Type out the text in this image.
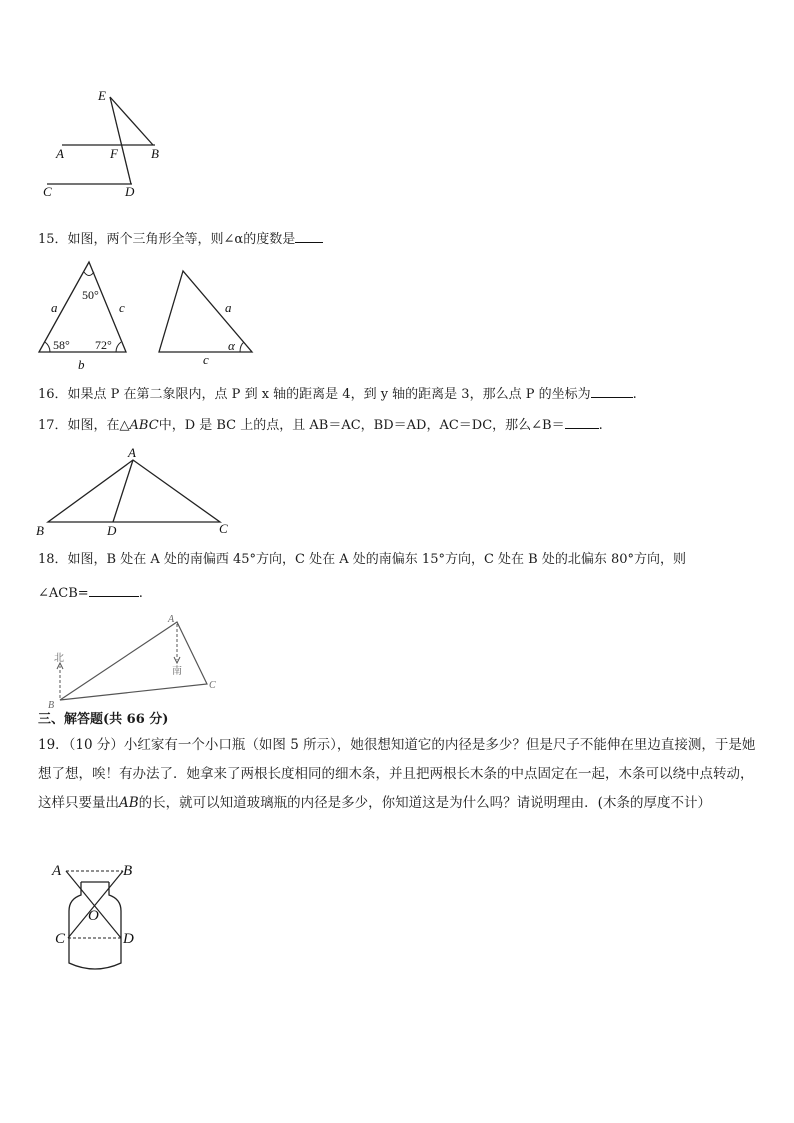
E
A	F	B
C	D
15．如图，两个三角形全等，则∠α的度数是
50°
58° 72°
a	c
b
a
c
α
16．如果点 P 在第二象限内，点 P 到 x 轴的距离是 4，到 y 轴的距离是 3，那么点 P 的坐标为	.
17．如图，在△ABC中，D 是 BC 上的点，且 AB＝AC，BD＝AD，AC＝DC，那么∠B＝	.
A
B	D	C
18．如图，B 处在 A 处的南偏西 45°方向，C 处在 A 处的南偏东 15°方向，C 处在 B 处的北偏东 80°方向，则
∠ACB=	.
A
B
C
北
南
三、解答题(共 66 分)
19．（10 分）小红家有一个小口瓶（如图 5 所示），她很想知道它的内径是多少？但是尺子不能伸在里边直接测，于是她想了想，唉！有办法了．她拿来了两根长度相同的细木条，并且把两根长木条的中点固定在一起，木条可以绕中点转动，这样只要量出AB的长，就可以知道玻璃瓶的内径是多少，你知道这是为什么吗？请说明理由．(木条的厚度不计）
A	B
O
C	D
